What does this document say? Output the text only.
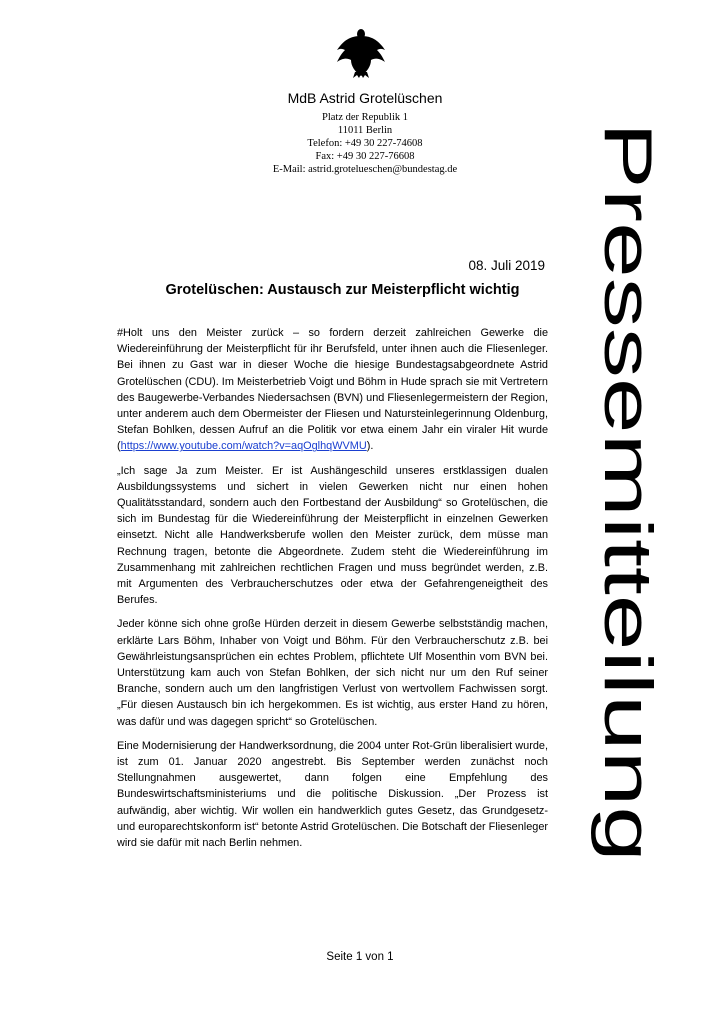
MdB Astrid Grotelüschen
Platz der Republik 1
11011 Berlin
Telefon: +49 30 227-74608
Fax: +49 30 227-76608
E-Mail: astrid.grotelueschen@bundestag.de	Pressemitteilung
08. Juli 2019
Grotelüschen: Austausch zur Meisterpflicht wichtig

#Holt uns den Meister zurück – so fordern derzeit zahlreichen Gewerke die Wiedereinführung der Meisterpflicht für ihr Berufsfeld, unter ihnen auch die Fliesenleger. Bei ihnen zu Gast war in dieser Woche die hiesige Bundestagsabgeordnete Astrid Grotelüschen (CDU). Im Meisterbetrieb Voigt und Böhm in Hude sprach sie mit Vertretern des Baugewerbe-Verbandes Niedersachsen (BVN) und Fliesenlegermeistern der Region, unter anderem auch dem Obermeister der Fliesen und Natursteinlegerinnung Oldenburg, Stefan Bohlken, dessen Aufruf an die Politik vor etwa einem Jahr ein viraler Hit wurde (https://www.youtube.com/watch?v=aqOglhqWVMU).

„Ich sage Ja zum Meister. Er ist Aushängeschild unseres erstklassigen dualen Ausbildungssystems und sichert in vielen Gewerken nicht nur einen hohen Qualitätsstandard, sondern auch den Fortbestand der Ausbildung“ so Grotelüschen, die sich im Bundestag für die Wiedereinführung der Meisterpflicht in einzelnen Gewerken einsetzt. Nicht alle Handwerksberufe wollen den Meister zurück, dem müsse man Rechnung tragen, betonte die Abgeordnete. Zudem steht die Wiedereinführung im Zusammenhang mit zahlreichen rechtlichen Fragen und muss begründet werden, z.B. mit Argumenten des Verbraucherschutzes oder etwa der Gefahrengeneigtheit des Berufes.

Jeder könne sich ohne große Hürden derzeit in diesem Gewerbe selbstständig machen, erklärte Lars Böhm, Inhaber von Voigt und Böhm. Für den Verbraucherschutz z.B. bei Gewährleistungsansprüchen ein echtes Problem, pflichtete Ulf Mosenthin vom BVN bei. Unterstützung kam auch von Stefan Bohlken, der sich nicht nur um den Ruf seiner Branche, sondern auch um den langfristigen Verlust von wertvollem Fachwissen sorgt. „Für diesen Austausch bin ich hergekommen. Es ist wichtig, aus erster Hand zu hören, was dafür und was dagegen spricht“ so Grotelüschen.

Eine Modernisierung der Handwerksordnung, die 2004 unter Rot-Grün liberalisiert wurde, ist zum 01. Januar 2020 angestrebt. Bis September werden zunächst noch Stellungnahmen ausgewertet, dann folgen eine Empfehlung des Bundeswirtschaftsministeriums und die politische Diskussion. „Der Prozess ist aufwändig, aber wichtig. Wir wollen ein handwerklich gutes Gesetz, das Grundgesetz- und europarechtskonform ist“ betonte Astrid Grotelüschen. Die Botschaft der Fliesenleger wird sie dafür mit nach Berlin nehmen.

Seite 1 von 1
